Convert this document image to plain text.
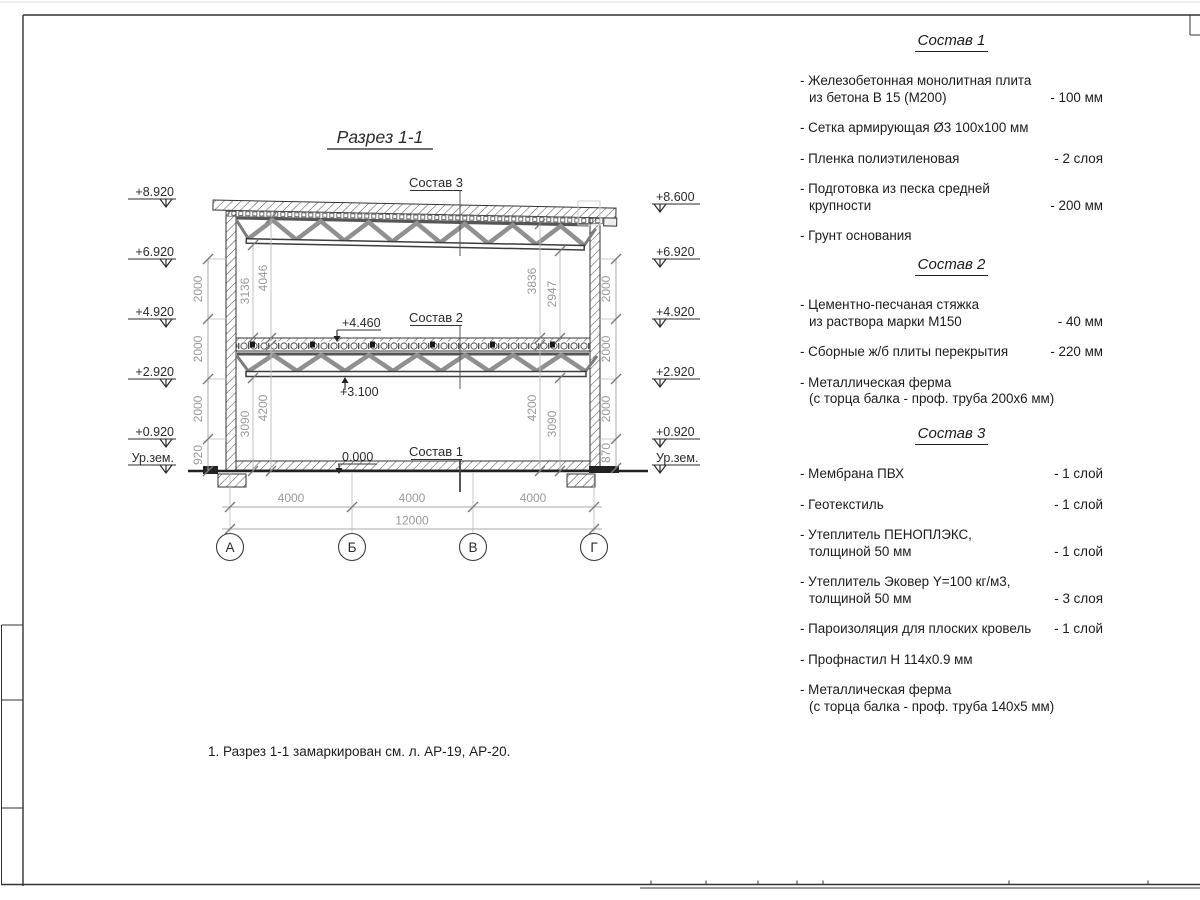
Разрез 1-1
Состав 3
Состав 2
Состав 1
+4.460
+3.100
0.000
+8.920
+6.920
+4.920
+2.920
+0.920
Ур.зем.
+8.600
+6.920
+4.920
+2.920
+0.920
Ур.зем.
2000
2000
2000
920
2000
2000
2000
870
3136 4046	3836 2947
3090
4200	4200
3090
4000	4000	4000
12000
А	Б	В	Г
Состав 1
- Железобетонная монолитная плита
из бетона В 15 (М200)	- 100 мм
- Сетка армирующая Ø3 100х100 мм
- Пленка полиэтиленовая	- 2 слоя
- Подготовка из песка средней
крупности	- 200 мм
- Грунт основания
Состав 2
- Цементно-песчаная стяжка
из раствора марки М150	- 40 мм
- Сборные ж/б плиты перекрытия	- 220 мм
- Металлическая ферма
(с торца балка - проф. труба 200х6 мм)
Состав 3
- Мембрана ПВХ	- 1 слой
- Геотекстиль	- 1 слой
- Утеплитель ПЕНОПЛЭКС,
толщиной 50 мм	- 1 слой
- Утеплитель Эковер Y=100 кг/м3,
толщиной 50 мм	- 3 слоя
- Пароизоляция для плоских кровель	- 1 слой
- Профнастил Н 114х0.9 мм
- Металлическая ферма
(с торца балка - проф. труба 140х5 мм)
1. Разрез 1-1 замаркирован см. л. АР-19, АР-20.
